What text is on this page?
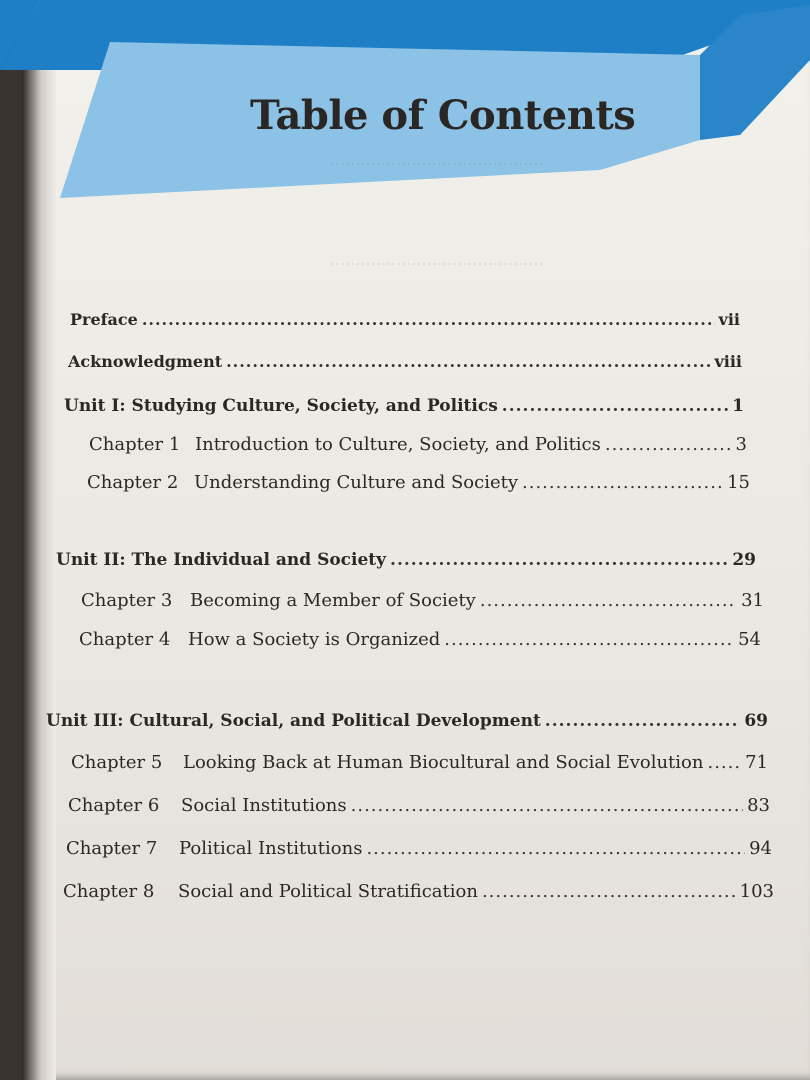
Table of Contents
..........................................
..........................................
Preface .....	vii
Acknowledgment .....	viii
Unit I: Studying Culture, Society, and Politics .....	1
Chapter 1 Introduction to Culture, Society, and Politics .....	3
Chapter 2 Understanding Culture and Society .....	15
Unit II: The Individual and Society .....	29
Chapter 3 Becoming a Member of Society .....	31
Chapter 4 How a Society is Organized .....	54
Unit III: Cultural, Social, and Political Development .....	69
Chapter 5	Looking Back at Human Biocultural and Social Evolution ..... 71
Chapter 6	Social Institutions .....	83
Chapter 7	Political Institutions .....	94
Chapter 8	Social and Political Stratification .....	103
